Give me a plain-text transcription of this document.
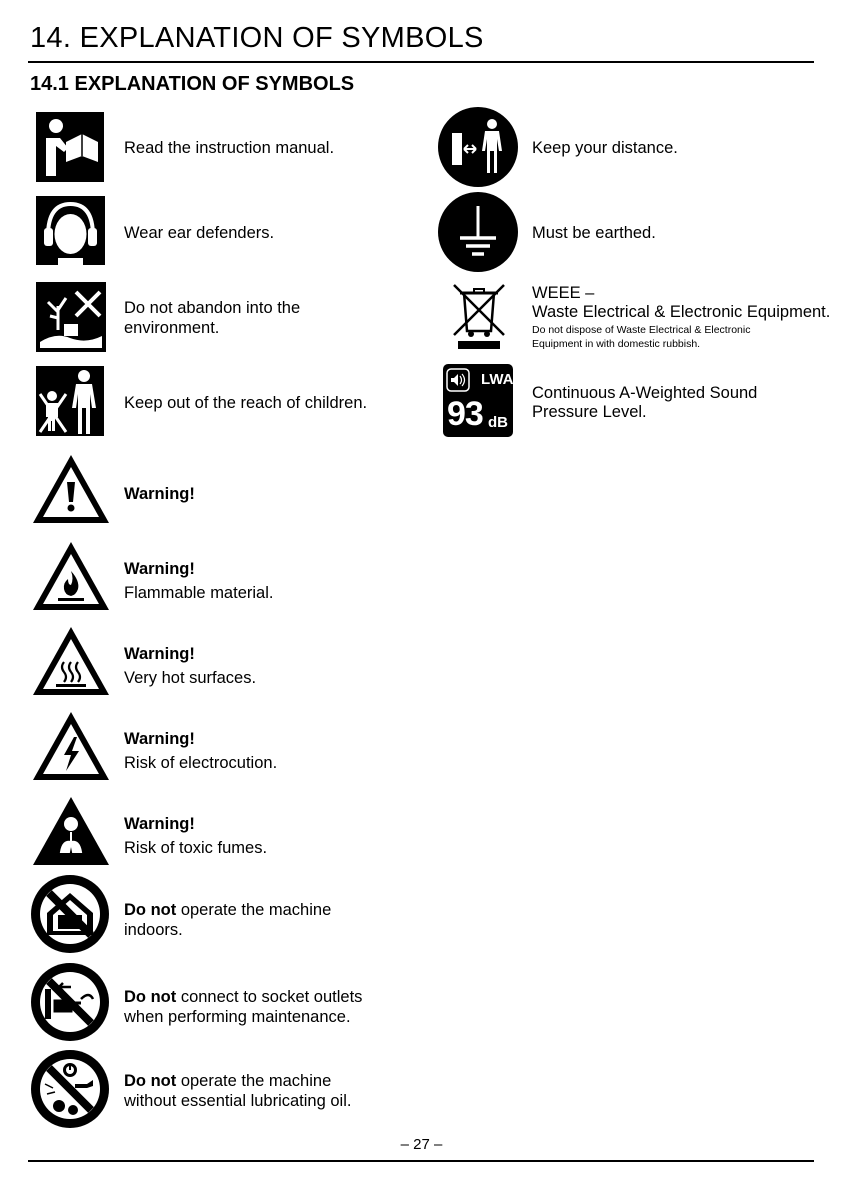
14. EXPLANATION OF SYMBOLS
14.1 EXPLANATION OF SYMBOLS
Read the instruction manual.
Wear ear defenders.
Do not abandon into the
environment.
Keep out of the reach of children.
Warning!
Warning!
Flammable material.
Warning!
Very hot surfaces.
Warning!
Risk of electrocution.
Warning!
Risk of toxic fumes.
Do not operate the machine
indoors.
Do not connect to socket outlets
when performing maintenance.
Do not operate the machine
without essential lubricating oil.
Keep your distance.
Must be earthed.
WEEE –
Waste Electrical & Electronic Equipment.
Do not dispose of Waste Electrical & Electronic
Equipment in with domestic rubbish.
LWA
93 dB
Continuous A-Weighted Sound
Pressure Level.
– 27 –
